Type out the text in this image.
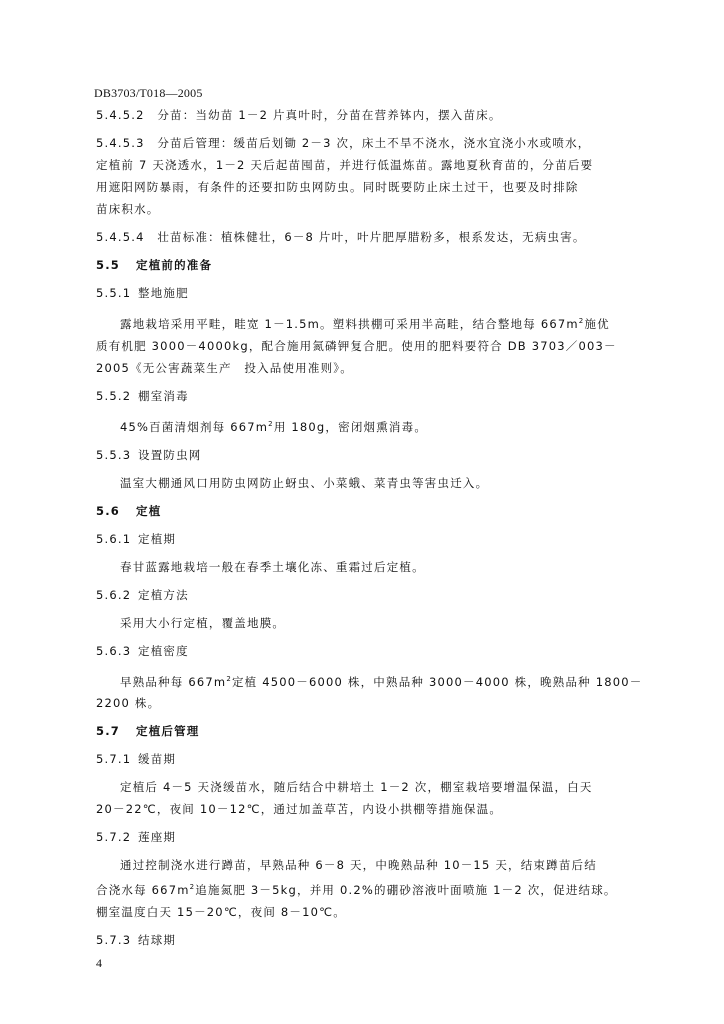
DB3703/T018—2005

5.4.5.2　 分苗：当幼苗 1－2 片真叶时，分苗在营养钵内，摆入苗床。

5.4.5.3　 分苗后管理：缓苗后划锄 2－3 次，床土不旱不浇水，浇水宜浇小水或喷水，

定植前 7 天浇透水，1－2 天后起苗囤苗，并进行低温炼苗。露地夏秋育苗的，分苗后要

用遮阳网防暴雨，有条件的还要扣防虫网防虫。同时既要防止床土过干，也要及时排除

苗床积水。

5.4.5.4　 壮苗标准：植株健壮，6－8 片叶，叶片肥厚腊粉多，根系发达，无病虫害。

5.5 定植前的准备
5.5.1 整地施肥

露地栽培采用平畦，畦宽 1－1.5m。塑料拱棚可采用半高畦，结合整地每 $667m^2$施优

质有机肥 3000－4000kg，配合施用氮磷钾复合肥。使用的肥料要符合 DB 3703／003－

2005《无公害蔬菜生产　投入品使用准则》。

5.5.2 棚室消毒

45%百菌清烟剂每 $667m^2$用 180g，密闭烟熏消毒。

5.5.3 设置防虫网

温室大棚通风口用防虫网防止蚜虫、小菜蛾、菜青虫等害虫迁入。

5.6 定植
5.6.1 定植期

春甘蓝露地栽培一般在春季土壤化冻、重霜过后定植。

5.6.2 定植方法

采用大小行定植，覆盖地膜。

5.6.3 定植密度

早熟品种每 $667m^2$定植 4500－6000 株，中熟品种 3000－4000 株，晚熟品种 1800－

2200 株。

5.7 定植后管理
5.7.1 缓苗期

定植后 4－5 天浇缓苗水，随后结合中耕培土 1－2 次，棚室栽培要增温保温，白天

20－22℃，夜间 10－12℃，通过加盖草苫，内设小拱棚等措施保温。

5.7.2 莲座期

通过控制浇水进行蹲苗，早熟品种 6－8 天，中晚熟品种 10－15 天，结束蹲苗后结

合浇水每 $667m^2$追施氮肥 3－5kg，并用 0.2%的硼砂溶液叶面喷施 1－2 次，促进结球。

棚室温度白天 15－20℃，夜间 8－10℃。

5.7.3 结球期
4
